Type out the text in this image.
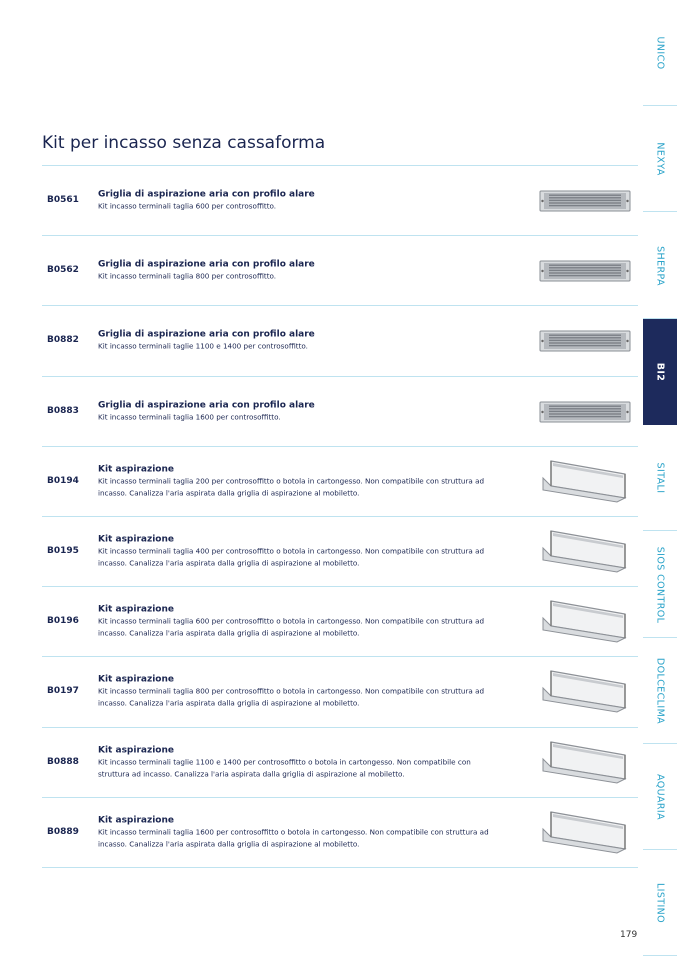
Kit per incasso senza cassaforma
B0561
Griglia di aspirazione aria con profilo alare
Kit incasso terminali taglia 600 per controsoffitto.
B0562
Griglia di aspirazione aria con profilo alare
Kit incasso terminali taglia 800 per controsoffitto.
B0882
Griglia di aspirazione aria con profilo alare
Kit incasso terminali taglie 1100 e 1400 per controsoffitto.
B0883
Griglia di aspirazione aria con profilo alare
Kit incasso terminali taglia 1600 per controsoffitto.
B0194
Kit aspirazione
Kit incasso terminali taglia 200 per controsoffitto o botola in cartongesso. Non compatibile con struttura ad incasso. Canalizza l'aria aspirata dalla griglia di aspirazione al mobiletto.
B0195
Kit aspirazione
Kit incasso terminali taglia 400 per controsoffitto o botola in cartongesso. Non compatibile con struttura ad incasso. Canalizza l'aria aspirata dalla griglia di aspirazione al mobiletto.
B0196
Kit aspirazione
Kit incasso terminali taglia 600 per controsoffitto o botola in cartongesso. Non compatibile con struttura ad incasso. Canalizza l'aria aspirata dalla griglia di aspirazione al mobiletto.
B0197
Kit aspirazione
Kit incasso terminali taglia 800 per controsoffitto o botola in cartongesso. Non compatibile con struttura ad incasso. Canalizza l'aria aspirata dalla griglia di aspirazione al mobiletto.
B0888
Kit aspirazione
Kit incasso terminali taglie 1100 e 1400 per controsoffitto o botola in cartongesso. Non compatibile con struttura ad incasso. Canalizza l'aria aspirata dalla griglia di aspirazione al mobiletto.
B0889
Kit aspirazione
Kit incasso terminali taglia 1600 per controsoffitto o botola in cartongesso. Non compatibile con struttura ad incasso. Canalizza l'aria aspirata dalla griglia di aspirazione al mobiletto.
UNICO
NEXYA
SHERPA
BI2
SITALI
SIOS CONTROL
DOLCECLIMA
AQUARIA
LISTINO
179
